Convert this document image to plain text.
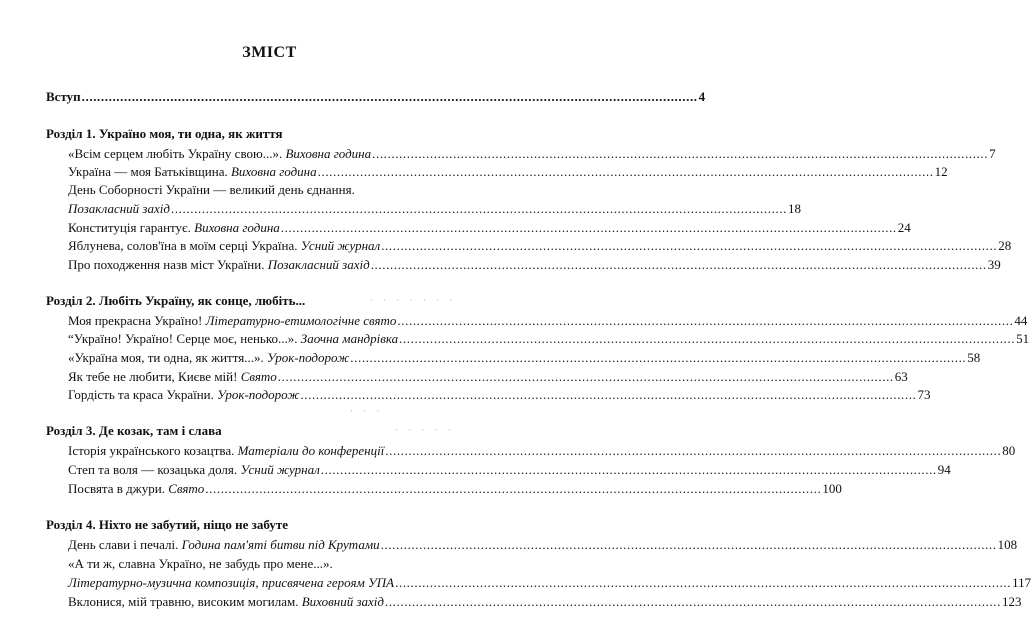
ЗМІСТ
Вступ ................................................................................................................................................................ 4
Розділ 1. Україно моя, ти одна, як життя
«Всім серцем любіть Україну свою...». Виховна година ................................................................................................................................................................ 7
Україна — моя Батьківщина. Виховна година ................................................................................................................................................................ 12
День Соборності України — великий день єднання.
Позакласний захід ................................................................................................................................................................ 18
Конституція гарантує. Виховна година ................................................................................................................................................................ 24
Яблунева, солов'їна в моїм серці Україна. Усний журнал ................................................................................................................................................................ 28
Про походження назв міст України. Позакласний захід ................................................................................................................................................................ 39
Розділ 2. Любіть Україну, як сонце, любіть...	· · · · · · ·
Моя прекрасна Україно! Літературно-етимологічне свято ................................................................................................................................................................ 44
“Україно! Україно! Серце моє, ненько...». Заочна мандрівка ................................................................................................................................................................ 51
«Україна моя, ти одна, як життя...». Урок-подорож ................................................................................................................................................................ 58
Як тебе не любити, Києве мій! Свято ................................................................................................................................................................ 63
Гордість та краса України. Урок-подорож ................................................................................................................................................................ 73
· · ·
Розділ 3. Де козак, там і слава	· · · · ·
Історія українського козацтва. Матеріали до конференції ................................................................................................................................................................ 80
Степ та воля — козацька доля. Усний журнал ................................................................................................................................................................ 94
Посвята в джури. Свято ................................................................................................................................................................ 100
Розділ 4. Ніхто не забутий, ніщо не забуте
День слави і печалі. Година пам'яті битви під Крутами ................................................................................................................................................................ 108
«А ти ж, славна Україно, не забудь про мене...».
Літературно-музична композиція, присвячена героям УПА ................................................................................................................................................................ 117
Вклонися, мій травню, високим могилам. Виховний захід ................................................................................................................................................................ 123
